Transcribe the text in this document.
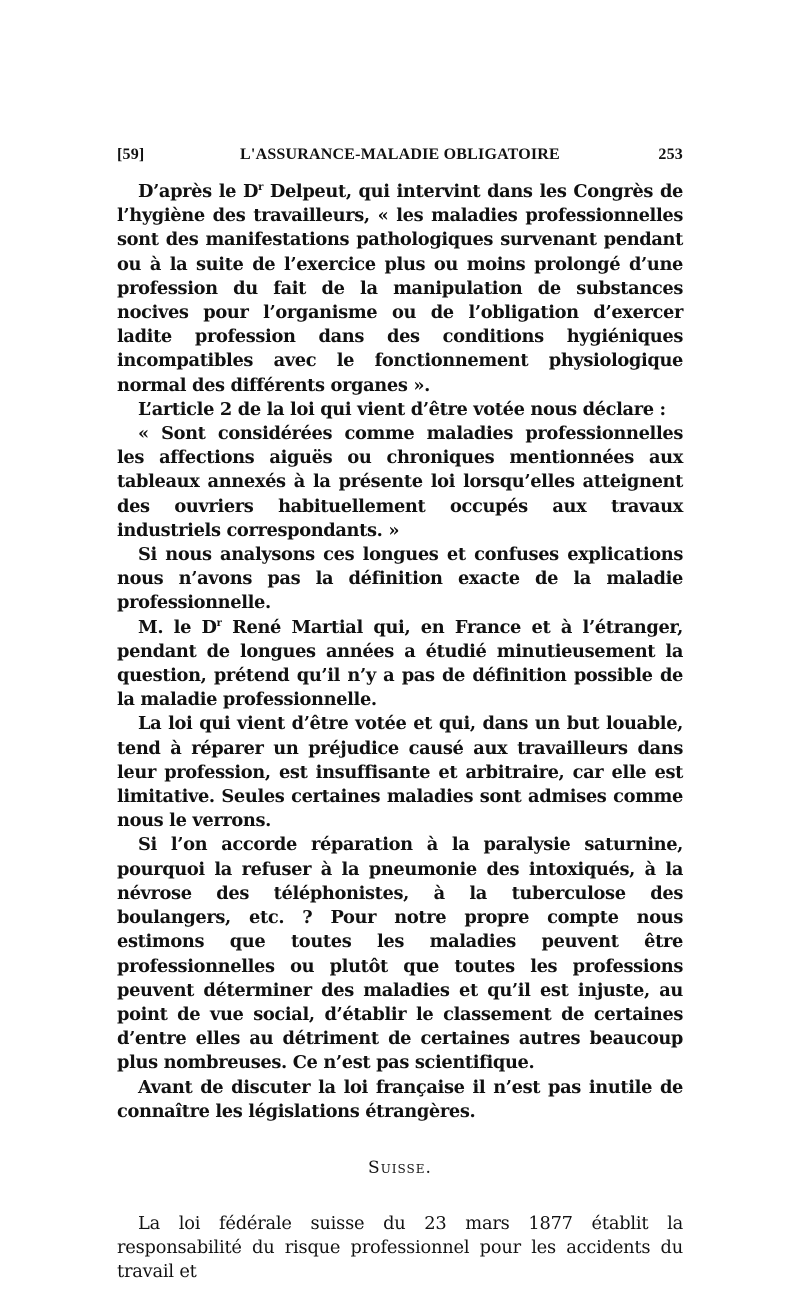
[59]	L'ASSURANCE-MALADIE OBLIGATOIRE	253

D’après le $D^r$ Delpeut, qui intervint dans les Congrès de l’hygiène des travailleurs, « les maladies professionnelles sont des manifestations pathologiques survenant pendant ou à la suite de l’exercice plus ou moins prolongé d’une profession du fait de la manipulation de substances nocives pour l’organisme ou de l’obligation d’exercer ladite profession dans des conditions hygiéniques incompatibles avec le fonctionnement physiologique normal des différents organes ».

L’article 2 de la loi qui vient d’être votée nous déclare :

« Sont considérées comme maladies professionnelles les affections aiguës ou chroniques mentionnées aux tableaux annexés à la présente loi lorsqu’elles atteignent des ouvriers habituellement occupés aux travaux industriels correspondants. »

Si nous analysons ces longues et confuses explications nous n’avons pas la définition exacte de la maladie professionnelle.

M. le $D^r$ René Martial qui, en France et à l’étranger, pendant de longues années a étudié minutieusement la question, prétend qu’il n’y a pas de définition possible de la maladie professionnelle.

La loi qui vient d’être votée et qui, dans un but louable, tend à réparer un préjudice causé aux travailleurs dans leur profession, est insuffisante et arbitraire, car elle est limitative. Seules certaines maladies sont admises comme nous le verrons.

Si l’on accorde réparation à la paralysie saturnine, pourquoi la refuser à la pneumonie des intoxiqués, à la névrose des téléphonistes, à la tuberculose des boulangers, etc. ? Pour notre propre compte nous estimons que toutes les maladies peuvent être professionnelles ou plutôt que toutes les professions peuvent déterminer des maladies et qu’il est injuste, au point de vue social, d’établir le classement de certaines d’entre elles au détriment de certaines autres beaucoup plus nombreuses. Ce n’est pas scientifique.

Avant de discuter la loi française il n’est pas inutile de connaître les législations étrangères.

Suisse.

La loi fédérale suisse du 23 mars 1877 établit la responsabilité du risque professionnel pour les accidents du travail et
